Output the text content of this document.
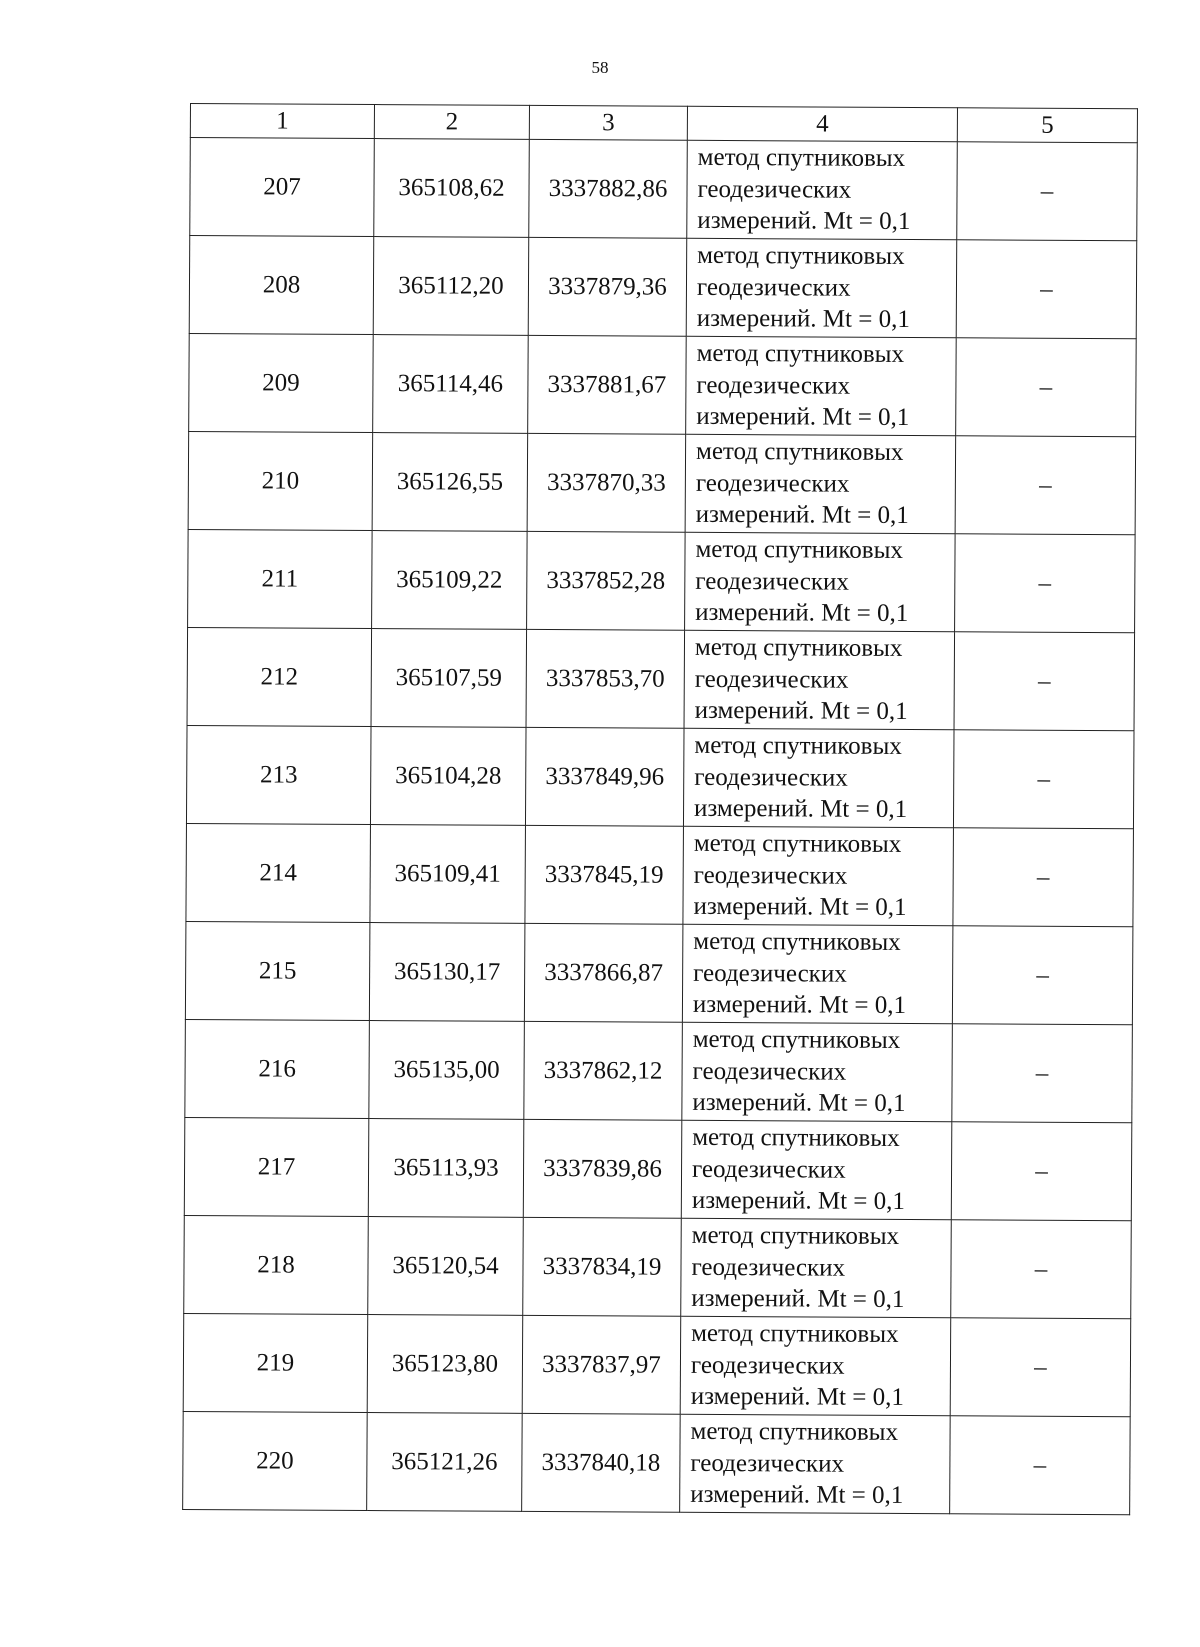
58
1	2	3	4	5
207	365108,62	3337882,86	метод спутниковых
геодезических
измерений. Mt = 0,1	–
208	365112,20	3337879,36	метод спутниковых
геодезических
измерений. Mt = 0,1	–
209	365114,46	3337881,67	метод спутниковых
геодезических
измерений. Mt = 0,1	–
210	365126,55	3337870,33	метод спутниковых
геодезических
измерений. Mt = 0,1	–
211	365109,22	3337852,28	метод спутниковых
геодезических
измерений. Mt = 0,1	–
212	365107,59	3337853,70	метод спутниковых
геодезических
измерений. Mt = 0,1	–
213	365104,28	3337849,96	метод спутниковых
геодезических
измерений. Mt = 0,1	–
214	365109,41	3337845,19	метод спутниковых
геодезических
измерений. Mt = 0,1	–
215	365130,17	3337866,87	метод спутниковых
геодезических
измерений. Mt = 0,1	–
216	365135,00	3337862,12	метод спутниковых
геодезических
измерений. Mt = 0,1	–
217	365113,93	3337839,86	метод спутниковых
геодезических
измерений. Mt = 0,1	–
218	365120,54	3337834,19	метод спутниковых
геодезических
измерений. Mt = 0,1	–
219	365123,80	3337837,97	метод спутниковых
геодезических
измерений. Mt = 0,1	–
220	365121,26	3337840,18	метод спутниковых
геодезических
измерений. Mt = 0,1	–
